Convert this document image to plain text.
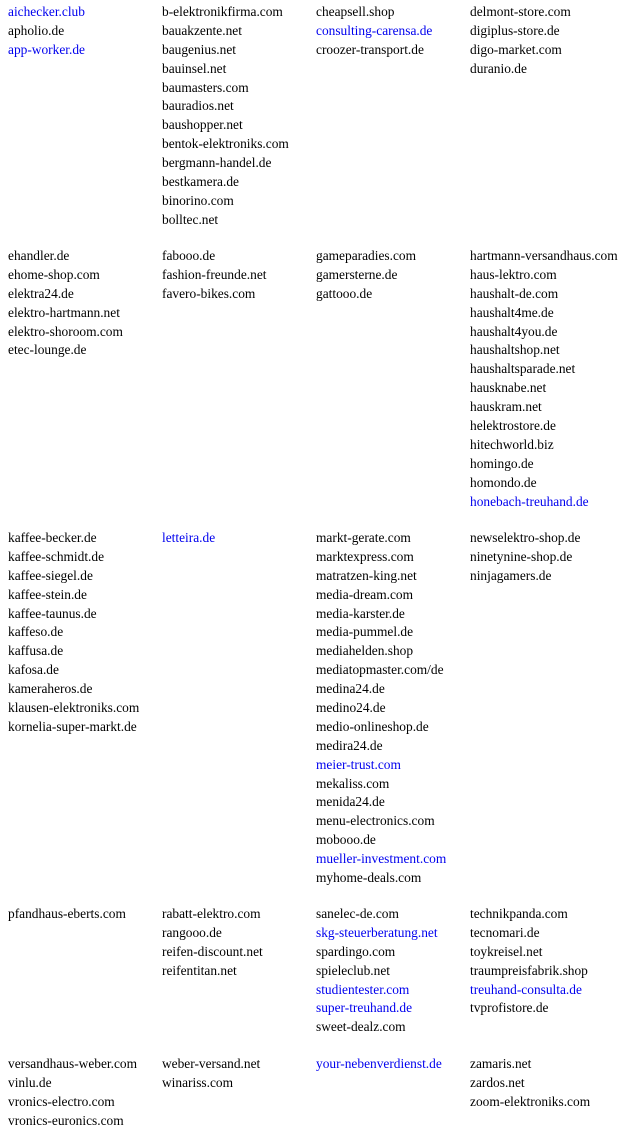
aichecker.club
apholio.de
app-worker.de
b-elektronikfirma.com
bauakzente.net
baugenius.net
bauinsel.net
baumasters.com
bauradios.net
baushopper.net
bentok-elektroniks.com
bergmann-handel.de
bestkamera.de
binorino.com
bolltec.net
cheapsell.shop
consulting-carensa.de
croozer-transport.de
delmont-store.com
digiplus-store.de
digo-market.com
duranio.de
ehandler.de
ehome-shop.com
elektra24.de
elektro-hartmann.net
elektro-shoroom.com
etec-lounge.de
fabooo.de
fashion-freunde.net
favero-bikes.com
gameparadies.com
gamersterne.de
gattooo.de
hartmann-versandhaus.com
haus-lektro.com
haushalt-de.com
haushalt4me.de
haushalt4you.de
haushaltshop.net
haushaltsparade.net
hausknabe.net
hauskram.net
helektrostore.de
hitechworld.biz
homingo.de
homondo.de
honebach-treuhand.de
kaffee-becker.de
kaffee-schmidt.de
kaffee-siegel.de
kaffee-stein.de
kaffee-taunus.de
kaffeso.de
kaffusa.de
kafosa.de
kameraheros.de
klausen-elektroniks.com
kornelia-super-markt.de
letteira.de	markt-gerate.com
marktexpress.com
matratzen-king.net
media-dream.com
media-karster.de
media-pummel.de
mediahelden.shop
mediatopmaster.com/de
medina24.de
medino24.de
medio-onlineshop.de
medira24.de
meier-trust.com
mekaliss.com
menida24.de
menu-electronics.com
mobooo.de
mueller-investment.com
myhome-deals.com
newselektro-shop.de
ninetynine-shop.de
ninjagamers.de
pfandhaus-eberts.com	rabatt-elektro.com
rangooo.de
reifen-discount.net
reifentitan.net
sanelec-de.com
skg-steuerberatung.net
spardingo.com
spieleclub.net
studientester.com
super-treuhand.de
sweet-dealz.com
technikpanda.com
tecnomari.de
toykreisel.net
traumpreisfabrik.shop
treuhand-consulta.de
tvprofistore.de
versandhaus-weber.com
vinlu.de
vronics-electro.com
vronics-euronics.com
weber-versand.net
winariss.com
your-nebenverdienst.de zamaris.net
zardos.net
zoom-elektroniks.com
